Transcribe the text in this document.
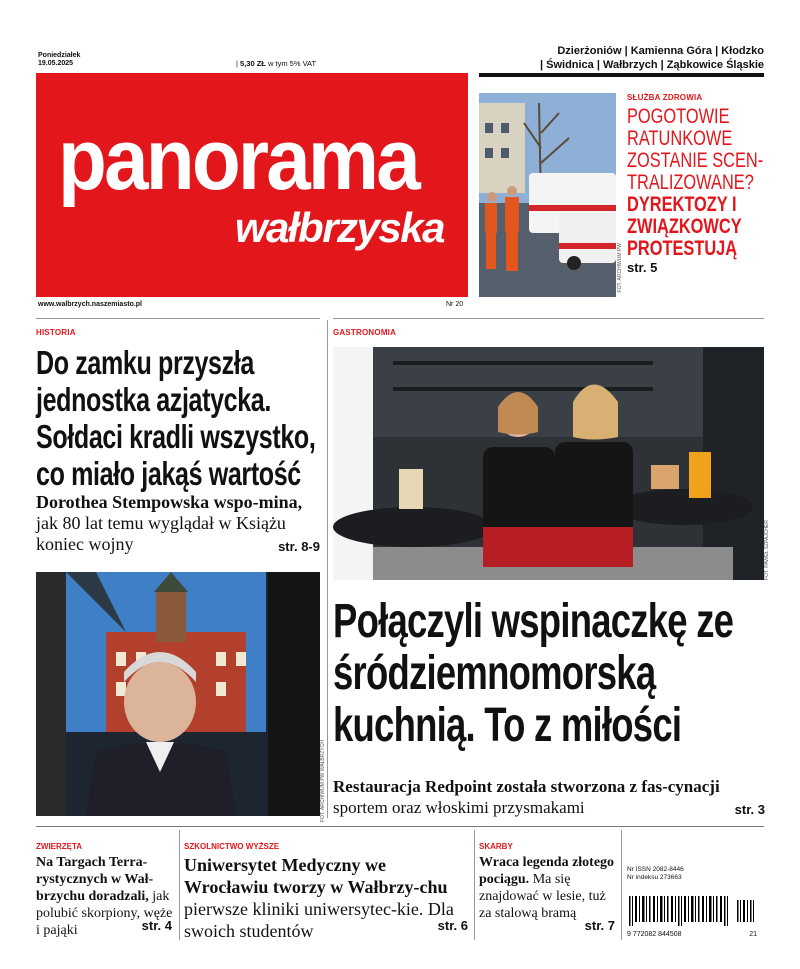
Poniedziałek
19.05.2025	| 5,30 ZŁ w tym 5% VAT
Dzierżoniów | Kamienna Góra | Kłodzko
| Świdnica | Wałbrzych | Ząbkowice Śląskie
panorama
wałbrzyska
www.walbrzych.naszemiasto.pl	Nr 20
FOT. ARCHIWUM PW
SŁUŻBA ZDROWIA
POGOTOWIE RATUNKOWE ZOSTANIE SCEN-TRALIZOWANE?
DYREKTOZY I ZWIĄZKOWCY PROTESTUJĄ
str. 5
HISTORIA
Do zamku przyszła jednostka azjatycka. Sołdaci kradli wszystko, co miało jakąś wartość
Dorothea Stempowska wspo-mina, jak 80 lat temu wyglądał w Książu koniec wojny	str. 8-9
FOT. ARCHIWUM PW WAŁBRZYCH
GASTRONOMIA
FOT. PAWEŁ SZPAJCHER
Połączyli wspinaczkę ze śródziemnomorską kuchnią. To z miłości
Restauracja Redpoint została stworzona z fas-cynacji sportem oraz włoskimi przysmakami	str. 3
ZWIERZĘTA
Na Targach Terra-rystycznych w Wał-brzychu doradzali, jak polubić skorpiony, węże i pająki	str. 4
SZKOLNICTWO WYŻSZE
Uniwersytet Medyczny we Wrocławiu tworzy w Wałbrzy-chu pierwsze kliniki uniwersytec-kie. Dla swoich studentów	str. 6
SKARBY
Wraca legenda złotego pociągu. Ma się znajdować w lesie, tuż za stalową bramą
str. 7
Nr ISSN 2082-8446
Nr indeksu 273663
9 772082 844508	21
